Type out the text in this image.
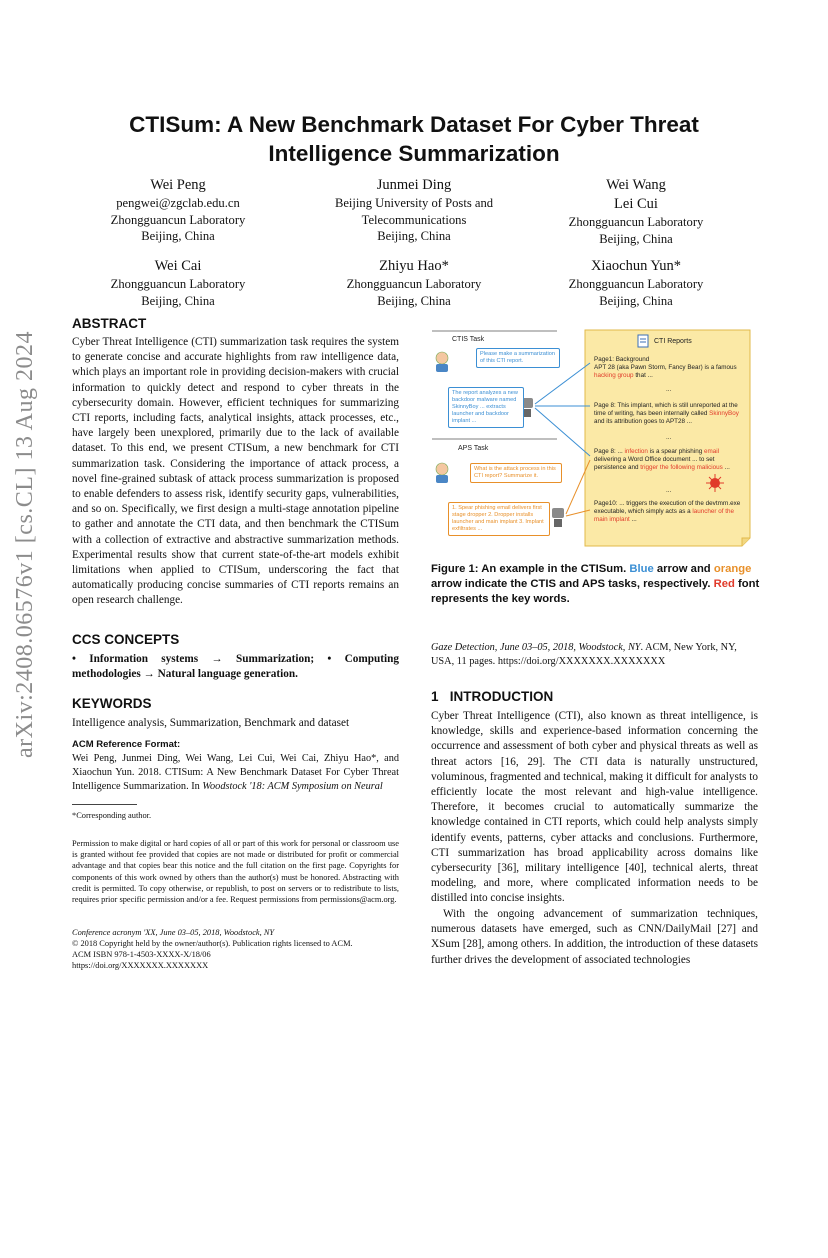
arXiv:2408.06576v1 [cs.CL] 13 Aug 2024
CTISum: A New Benchmark Dataset For Cyber Threat
Intelligence Summarization
Wei Peng
pengwei@zgclab.edu.cn
Zhongguancun Laboratory
Beijing, China
Junmei Ding
Beijing University of Posts and
Telecommunications
Beijing, China
Wei Wang
Lei Cui
Zhongguancun Laboratory
Beijing, China
Wei Cai
Zhongguancun Laboratory
Beijing, China
Zhiyu Hao*
Zhongguancun Laboratory
Beijing, China
Xiaochun Yun*
Zhongguancun Laboratory
Beijing, China
ABSTRACT
Cyber Threat Intelligence (CTI) summarization task requires the system to generate concise and accurate highlights from raw intelligence data, which plays an important role in providing decision-makers with crucial information to quickly detect and respond to cyber threats in the cybersecurity domain. However, efficient techniques for summarizing CTI reports, including facts, analytical insights, attack processes, etc., have largely been unexplored, primarily due to the lack of available dataset. To this end, we present CTISum, a new benchmark for CTI summarization task. Considering the importance of attack process, a novel fine-grained subtask of attack process summarization is proposed to enable defenders to assess risk, identify security gaps, vulnerabilities, and so on. Specifically, we first design a multi-stage annotation pipeline to gather and annotate the CTI data, and then benchmark the CTISum with a collection of extractive and abstractive summarization methods. Experimental results show that current state-of-the-art models exhibit limitations when applied to CTISum, underscoring the fact that automatically producing concise summaries of CTI reports remains an open research challenge.
CCS CONCEPTS
• Information systems → Summarization; • Computing methodologies → Natural language generation.
KEYWORDS
Intelligence analysis, Summarization, Benchmark and dataset
ACM Reference Format:
Wei Peng, Junmei Ding, Wei Wang, Lei Cui, Wei Cai, Zhiyu Hao*, and Xiaochun Yun. 2018. CTISum: A New Benchmark Dataset For Cyber Threat Intelligence Summarization. In Woodstock '18: ACM Symposium on Neural
*Corresponding author.
Permission to make digital or hard copies of all or part of this work for personal or classroom use is granted without fee provided that copies are not made or distributed for profit or commercial advantage and that copies bear this notice and the full citation on the first page. Copyrights for components of this work owned by others than the author(s) must be honored. Abstracting with credit is permitted. To copy otherwise, or republish, to post on servers or to redistribute to lists, requires prior specific permission and/or a fee. Request permissions from permissions@acm.org.
Conference acronym 'XX, June 03–05, 2018, Woodstock, NY
© 2018 Copyright held by the owner/author(s). Publication rights licensed to ACM.
ACM ISBN 978-1-4503-XXXX-X/18/06
https://doi.org/XXXXXXX.XXXXXXX
CTIS Task
Please make a summarization of this CTI report.
The report analyzes a new backdoor malware named SkinnyBoy ... extracts launcher and backdoor implant ...
APS Task
What is the attack process in this CTI report? Summarize it.
1. Spear phishing email delivers first stage dropper 2. Dropper installs launcher and main implant 3. Implant exfiltrates ...
CTI Reports
Page1: Background
APT 28 (aka Pawn Storm, Fancy Bear) is a famous hacking group that ...
...
Page 8: This implant, which is still unreported at the time of writing, has been internally called SkinnyBoy and its attribution goes to APT28 ...
...
Page 8: ... infection is a spear phishing email delivering a Word Office document ... to set persistence and trigger the following malicious ...
...
Page10: ... triggers the execution of the devtmrn.exe executable, which simply acts as a launcher of the main implant ...
Figure 1: An example in the CTISum. Blue arrow and orange arrow indicate the CTIS and APS tasks, respectively. Red font represents the key words.
Gaze Detection, June 03–05, 2018, Woodstock, NY. ACM, New York, NY, USA, 11 pages. https://doi.org/XXXXXXX.XXXXXXX
1 INTRODUCTION
Cyber Threat Intelligence (CTI), also known as threat intelligence, is knowledge, skills and experience-based information concerning the occurrence and assessment of both cyber and physical threats as well as threat actors [16, 29]. The CTI data is naturally unstructured, voluminous, fragmented and technical, making it difficult for analysts to efficiently locate the most relevant and high-value intelligence. Therefore, it becomes crucial to automatically summarize the knowledge contained in CTI reports, which could help analysts simply identify events, patterns, cyber attacks and conclusions. Furthermore, CTI summarization has broad applicability across domains like cybersecurity [36], military intelligence [40], technical alerts, threat modeling, and more, where complicated information needs to be distilled into concise insights.
With the ongoing advancement of summarization techniques, numerous datasets have emerged, such as CNN/DailyMail [27] and XSum [28], among others. In addition, the introduction of these datasets further drives the development of associated technologies
